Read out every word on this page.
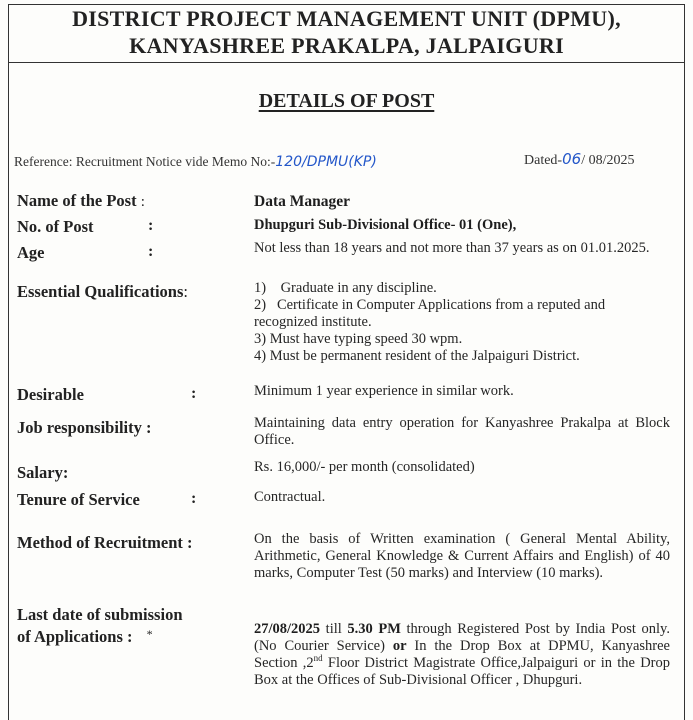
DISTRICT PROJECT MANAGEMENT UNIT (DPMU),
KANYASHREE PRAKALPA, JALPAIGURI
DETAILS OF POST
Reference: Recruitment Notice vide Memo No:-120/DPMU(KP)	Dated-06/ 08/2025
Name of the Post :	Data Manager
No. of Post	:	Dhupguri Sub-Divisional Office- 01 (One),
Age	:	Not less than 18 years and not more than 37 years as on 01.01.2025.
Essential Qualifications:	1)    Graduate in any discipline.

2)   Certificate in Computer Applications from a reputed and recognized institute.

3) Must have typing speed 30 wpm.

4) Must be permanent resident of the Jalpaiguri District.

Desirable	:	Minimum 1 year experience in similar work.
Job responsibility :	Maintaining data entry operation for Kanyashree Prakalpa at Block Office.
Salary:	Rs. 16,000/- per month (consolidated)
Tenure of Service	:	Contractual.
Method of Recruitment :	On the basis of Written examination ( General Mental Ability, Arithmetic, General Knowledge & Current Affairs and English) of 40 marks, Computer Test (50 marks) and Interview (10 marks).
Last date of submission
of Applications : *	27/08/2025 till 5.30 PM through Registered Post by India Post only. (No Courier Service) or In the Drop Box at DPMU, Kanyashree Section ,2nd Floor District Magistrate Office,Jalpaiguri or in the Drop Box at the Offices of Sub-Divisional Officer , Dhupguri.
